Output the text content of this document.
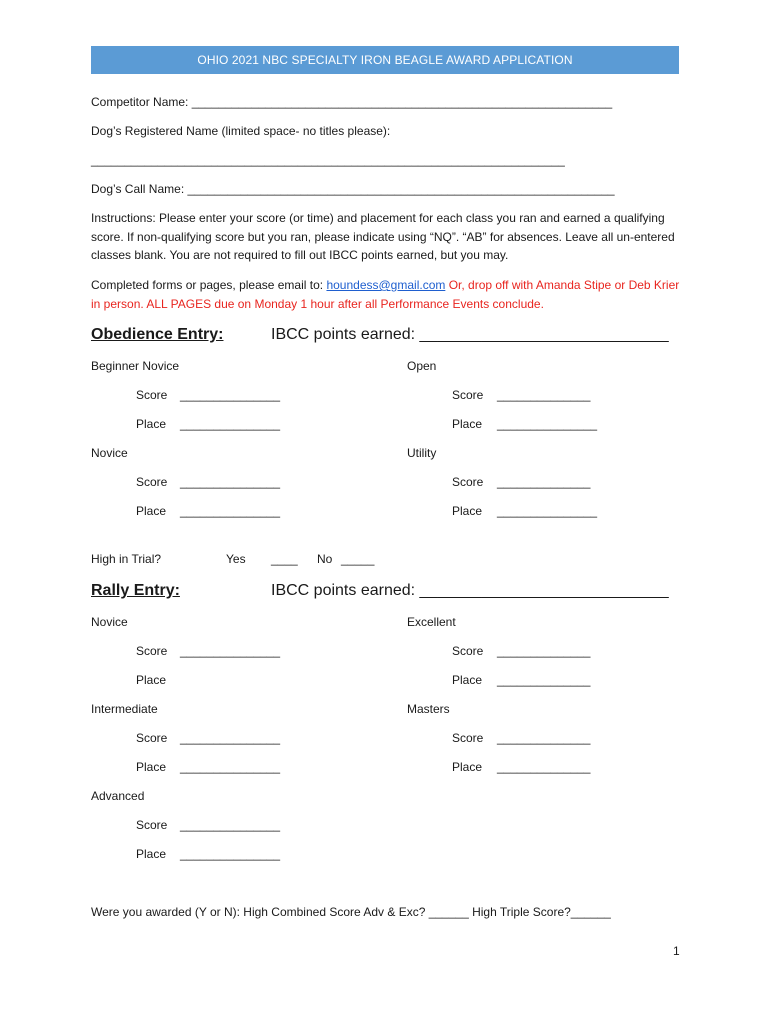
OHIO 2021 NBC SPECIALTY IRON BEAGLE AWARD APPLICATION
Competitor Name: _______________________________________________________________
Dog’s Registered Name (limited space- no titles please):
_______________________________________________________________________
Dog’s Call Name: ________________________________________________________________
Instructions: Please enter your score (or time) and placement for each class you ran and earned a qualifying score. If non-qualifying score but you ran, please indicate using “NQ”. “AB” for absences. Leave all un-entered classes blank. You are not required to fill out IBCC points earned, but you may.
Completed forms or pages, please email to: houndess@gmail.com Or, drop off with Amanda Stipe or Deb Krier in person. ALL PAGES due on Monday 1 hour after all Performance Events conclude.
Obedience Entry:	IBCC points earned: ____________________________
Beginner Novice	Open
Score _______________	Score ______________
Place _______________	Place _______________
Novice	Utility
Score _______________	Score ______________
Place _______________	Place _______________
High in Trial?	Yes ____ No _____
Rally Entry:	IBCC points earned: ____________________________
Novice	Excellent
Score _______________	Score ______________
Place	Place ______________
Intermediate	Masters
Score _______________	Score ______________
Place _______________	Place ______________
Advanced
Score _______________
Place _______________
Were you awarded (Y or N): High Combined Score Adv & Exc? ______ High Triple Score?______
1
